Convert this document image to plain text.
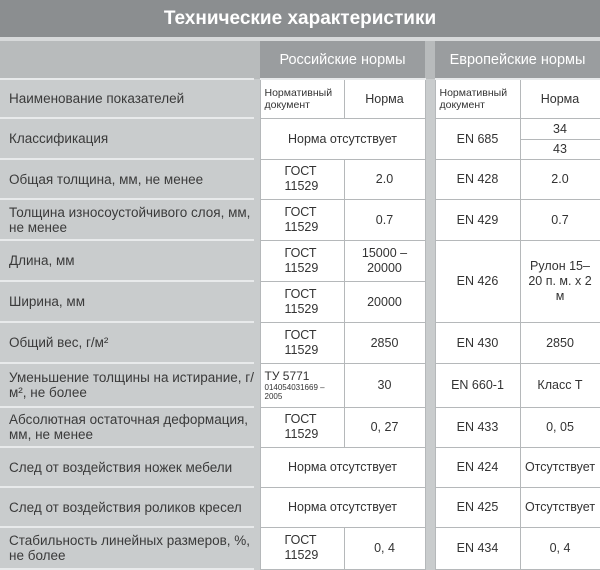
Технические характеристики
		Российские нормы			Европейские нормы	
Наименование показателей		Нормативный документ	Норма		Нормативный документ	Норма
Классификация		Норма отсутствует			EN 685	34
						43
Общая толщина, мм, не менее		ГОСТ 11529	2.0		EN 428	2.0
Толщина износоустойчивого слоя, мм, не менее		ГОСТ 11529	0.7		EN 429	0.7
Длина, мм		ГОСТ 11529	15000 – 20000		EN 426	Рулон 15–20 п. м. x 2 м
Ширина, мм		ГОСТ 11529	20000			
Общий вес, г/м²		ГОСТ 11529	2850		EN 430	2850
Уменьшение толщины на истирание, г/м², не более		ТУ 5771
014054031669 – 2005	30		EN 660-1	Класс Т
Абсолютная остаточная деформация, мм, не менее		ГОСТ 11529	0, 27		EN 433	0, 05
След от воздействия ножек мебели		Норма отсутствует			EN 424	Отсутствует
След от воздействия роликов кресел		Норма отсутствует			EN 425	Отсутствует
Стабильность линейных размеров, %, не более		ГОСТ 11529	0, 4		EN 434	0, 4
